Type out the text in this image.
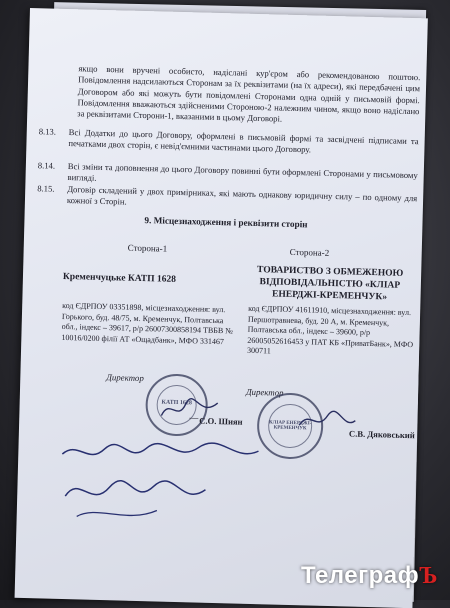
якщо вони вручені особисто, надіслані кур'єром або рекомендованою поштою. Повідомлення надсилаються Сторонам за їх реквізитами (на їх адреси), які передбачені цим Договором або які можуть бути повідомлені Сторонами одна одній у письмовій формі. Повідомлення вважаються здійсненими Стороною-2 належним чином, якщо воно надіслано за реквізитами Сторони-1, вказаними в цьому Договорі.
8.13. Всі Додатки до цього Договору, оформлені в письмовій формі та засвідчені підписами та печатками двох сторін, є невід'ємними частинами цього Договору.
8.14. Всі зміни та доповнення до цього Договору повинні бути оформлені Сторонами у письмовому вигляді.
8.15. Договір складений у двох примірниках, які мають однакову юридичну силу – по одному для кожної з Сторін.
9. Місцезнаходження і реквізити сторін
Сторона-1	Сторона-2
Кременчуцьке КАТП 1628	ТОВАРИСТВО З ОБМЕЖЕНОЮ ВІДПОВІДАЛЬНІСТЮ «КЛІАР ЕНЕРДЖІ-КРЕМЕНЧУК»
код ЄДРПОУ 03351898, місцезнаходження: вул. Горького, буд. 48/75, м. Кременчук, Полтавська обл., індекс – 39617, р/р 26007300858194 ТВБВ № 10016/0200 філії АТ «Ощадбанк», МФО 331467
код ЄДРПОУ 41611910, місцезнаходження: вул. Першотравнева, буд. 20 А, м. Кременчук, Полтавська обл., індекс – 39600, р/р 26005052616453 у ПАТ КБ «ПриватБанк», МФО 300711
Директор
Директор
КАТП 1628
КЛІАР ЕНЕРДЖІ-КРЕМЕНЧУК
— С.О. Шиян
С.В. Дяковський
ТелеграфЪ
